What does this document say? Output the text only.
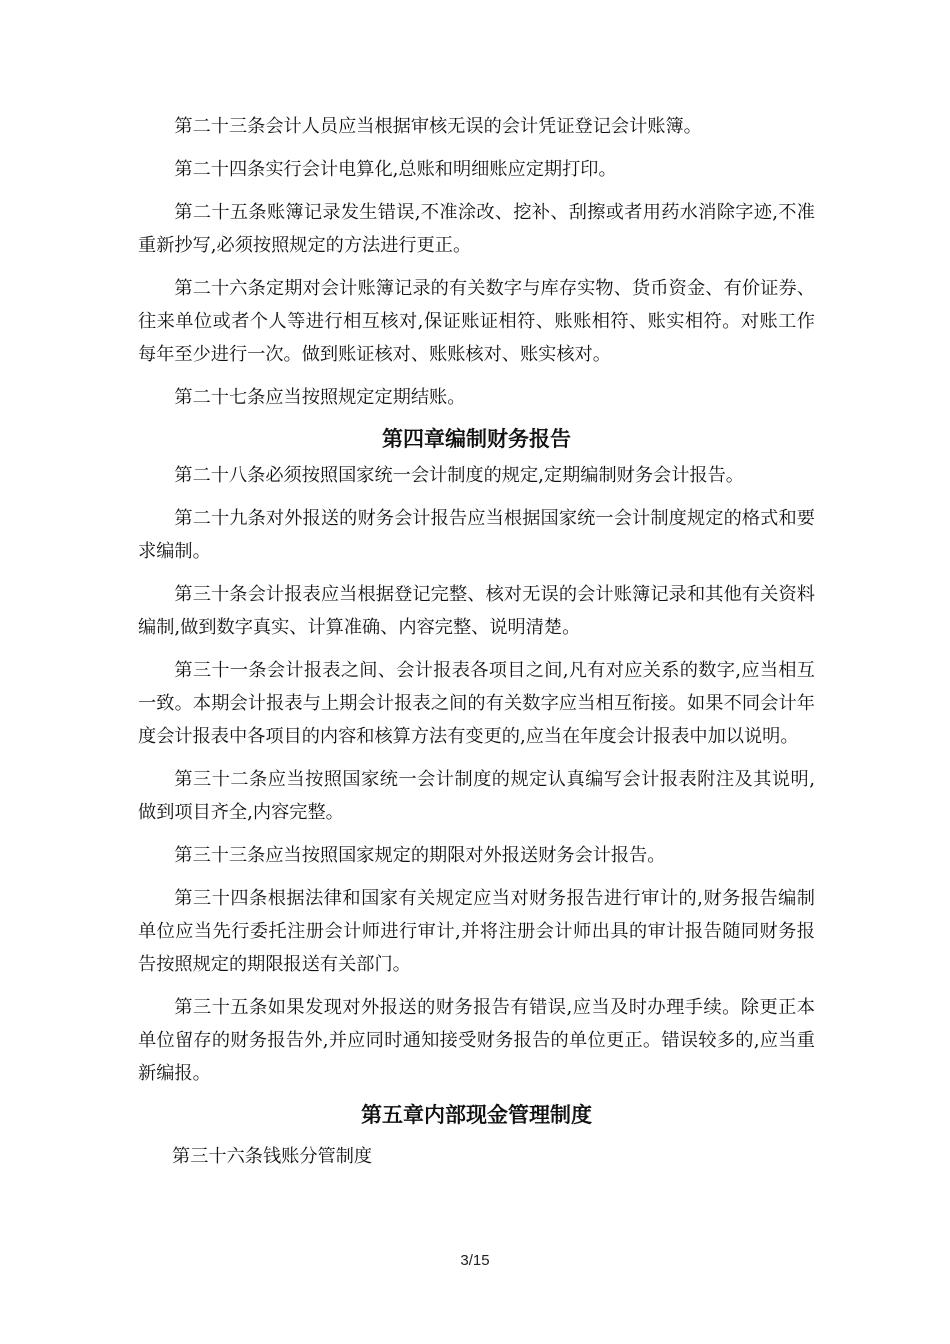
第二十三条会计人员应当根据审核无误的会计凭证登记会计账簿。

第二十四条实行会计电算化,总账和明细账应定期打印。

第二十五条账簿记录发生错误,不准涂改、挖补、刮擦或者用药水消除字迹,不准重新抄写,必须按照规定的方法进行更正。

第二十六条定期对会计账簿记录的有关数字与库存实物、货币资金、有价证券、往来单位或者个人等进行相互核对,保证账证相符、账账相符、账实相符。对账工作每年至少进行一次。做到账证核对、账账核对、账实核对。

第二十七条应当按照规定定期结账。

第四章编制财务报告

第二十八条必须按照国家统一会计制度的规定,定期编制财务会计报告。

第二十九条对外报送的财务会计报告应当根据国家统一会计制度规定的格式和要求编制。

第三十条会计报表应当根据登记完整、核对无误的会计账簿记录和其他有关资料编制,做到数字真实、计算准确、内容完整、说明清楚。

第三十一条会计报表之间、会计报表各项目之间,凡有对应关系的数字,应当相互一致。本期会计报表与上期会计报表之间的有关数字应当相互衔接。如果不同会计年度会计报表中各项目的内容和核算方法有变更的,应当在年度会计报表中加以说明。

第三十二条应当按照国家统一会计制度的规定认真编写会计报表附注及其说明,做到项目齐全,内容完整。

第三十三条应当按照国家规定的期限对外报送财务会计报告。

第三十四条根据法律和国家有关规定应当对财务报告进行审计的,财务报告编制单位应当先行委托注册会计师进行审计,并将注册会计师出具的审计报告随同财务报告按照规定的期限报送有关部门。

第三十五条如果发现对外报送的财务报告有错误,应当及时办理手续。除更正本单位留存的财务报告外,并应同时通知接受财务报告的单位更正。错误较多的,应当重新编报。

第五章内部现金管理制度

第三十六条钱账分管制度

3/15
